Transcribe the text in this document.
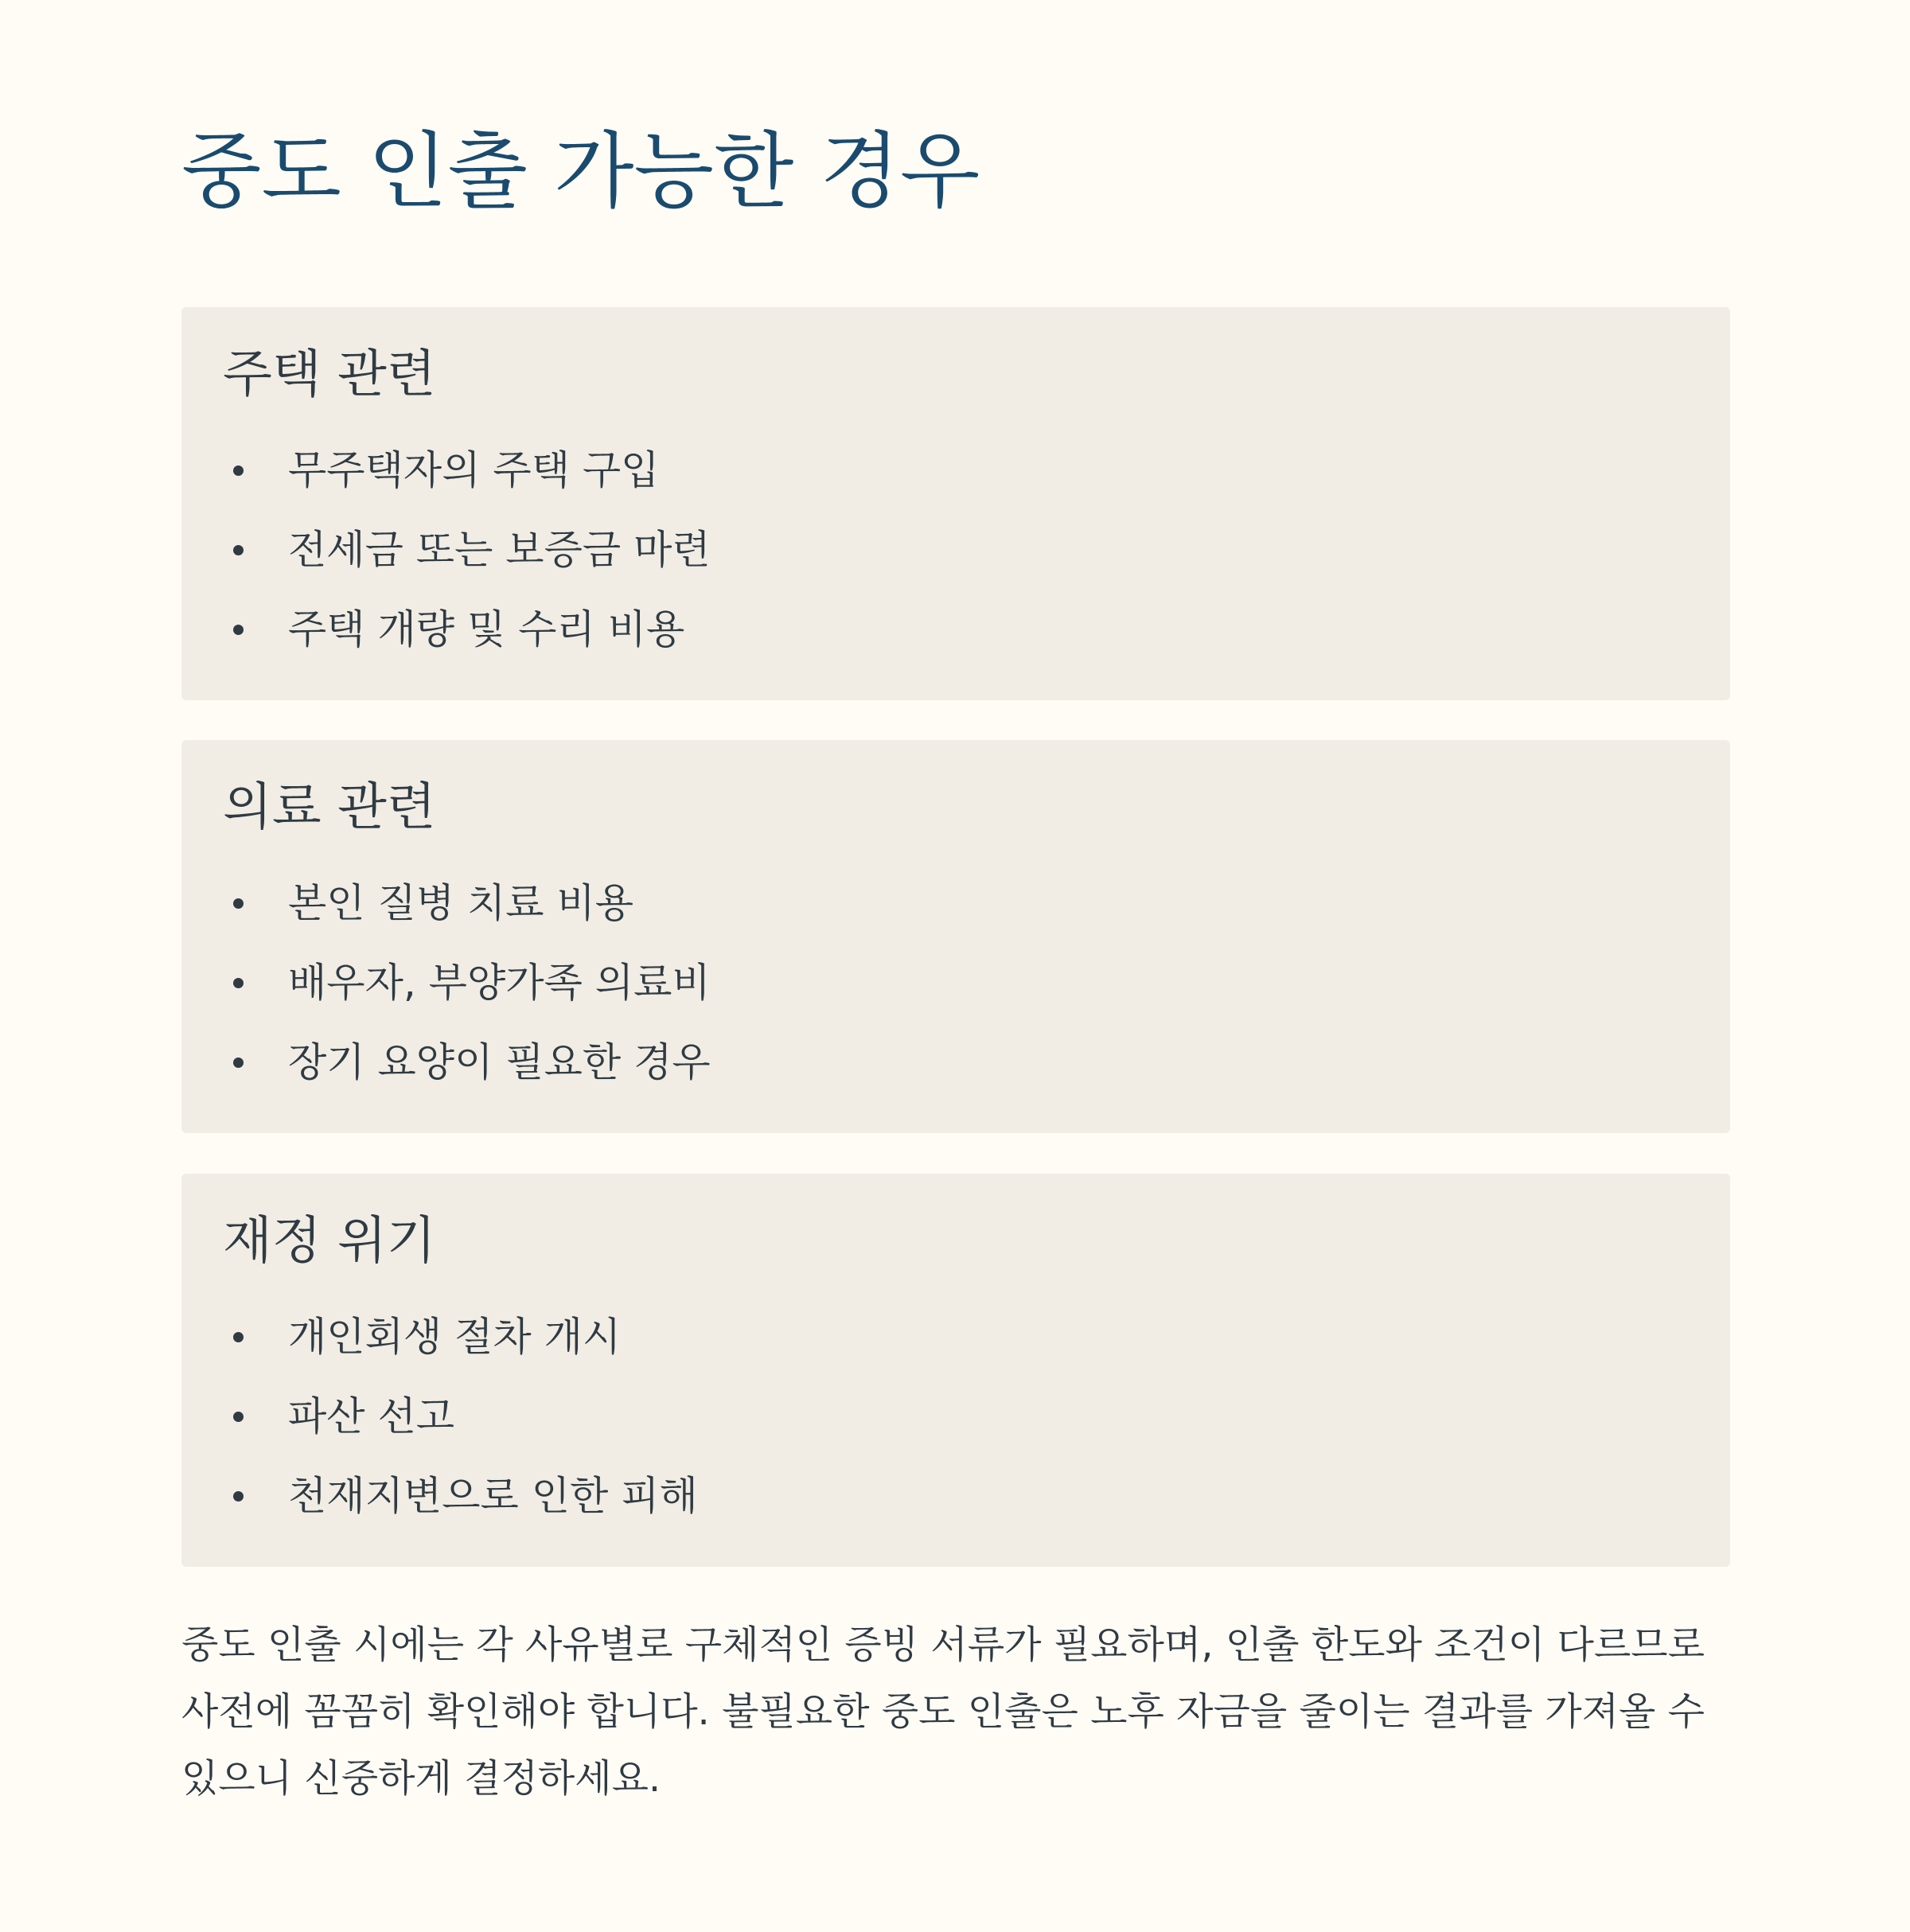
중도 인출 가능한 경우
주택 관련
무주택자의 주택 구입
전세금 또는 보증금 마련
주택 개량 및 수리 비용
의료 관련
본인 질병 치료 비용
배우자, 부양가족 의료비
장기 요양이 필요한 경우
재정 위기
개인회생 절차 개시
파산 선고
천재지변으로 인한 피해

중도 인출 시에는 각 사유별로 구체적인 증빙 서류가 필요하며, 인출 한도와 조건이 다르므로 사전에 꼼꼼히 확인해야 합니다. 불필요한 중도 인출은 노후 자금을 줄이는 결과를 가져올 수 있으니 신중하게 결정하세요.
